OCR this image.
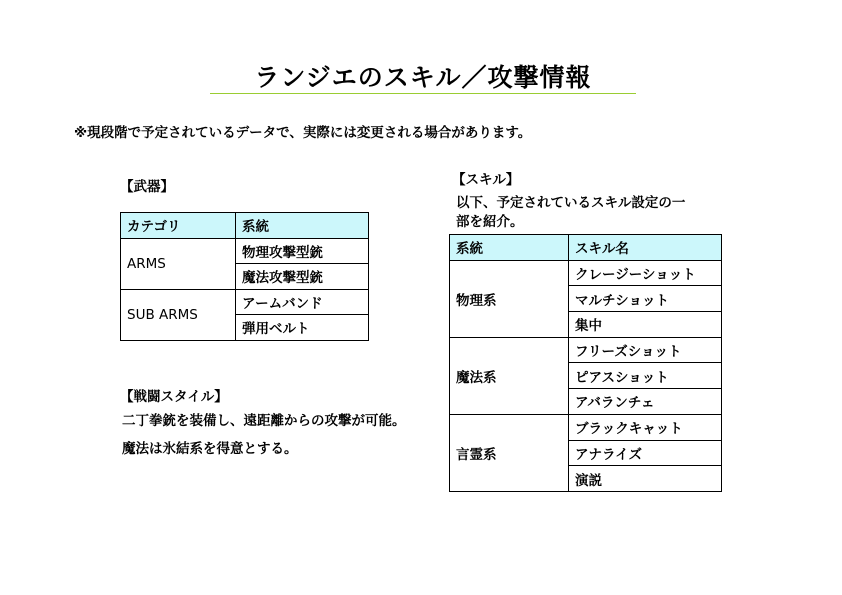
ランジエのスキル／攻撃情報
※現段階で予定されているデータで、実際には変更される場合があります。
【武器】
カテゴリ	系統
ARMS	物理攻撃型銃
	魔法攻撃型銃
SUB ARMS	アームバンド
	弾用ベルト
【戦闘スタイル】
二丁拳銃を装備し、遠距離からの攻撃が可能。
魔法は氷結系を得意とする。
【スキル】
以下、予定されているスキル設定の一
部を紹介。
系統	スキル名
物理系	クレージーショット
	マルチショット
	集中
魔法系	フリーズショット
	ピアスショット
	アバランチェ
言霊系	ブラックキャット
	アナライズ
	演説
